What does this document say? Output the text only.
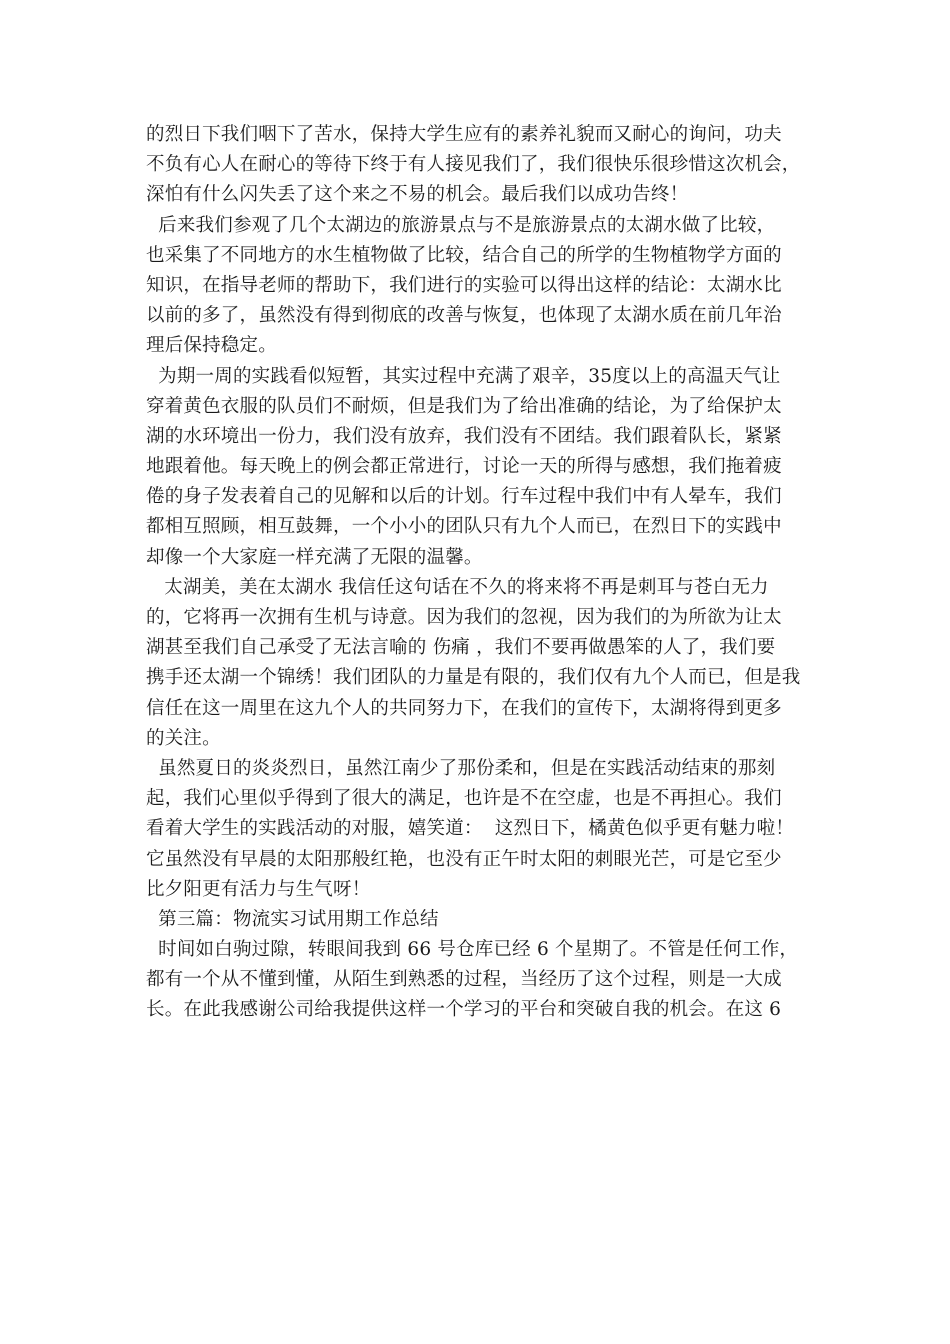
的烈日下我们咽下了苦水，保持大学生应有的素养礼貌而又耐心的询问，功夫
不负有心人在耐心的等待下终于有人接见我们了，我们很快乐很珍惜这次机会，
深怕有什么闪失丢了这个来之不易的机会。最后我们以成功告终！
后来我们参观了几个太湖边的旅游景点与不是旅游景点的太湖水做了比较，
也采集了不同地方的水生植物做了比较，结合自己的所学的生物植物学方面的
知识，在指导老师的帮助下，我们进行的实验可以得出这样的结论：太湖水比
以前的多了，虽然没有得到彻底的改善与恢复，也体现了太湖水质在前几年治
理后保持稳定。
为期一周的实践看似短暂，其实过程中充满了艰辛，35度以上的高温天气让
穿着黄色衣服的队员们不耐烦，但是我们为了给出准确的结论，为了给保护太
湖的水环境出一份力，我们没有放弃，我们没有不团结。我们跟着队长，紧紧
地跟着他。每天晚上的例会都正常进行，讨论一天的所得与感想，我们拖着疲
倦的身子发表着自己的见解和以后的计划。行车过程中我们中有人晕车，我们
都相互照顾，相互鼓舞，一个小小的团队只有九个人而已，在烈日下的实践中
却像一个大家庭一样充满了无限的温馨。
太湖美，美在太湖水 我信任这句话在不久的将来将不再是刺耳与苍白无力
的，它将再一次拥有生机与诗意。因为我们的忽视，因为我们的为所欲为让太
湖甚至我们自己承受了无法言喻的 伤痛 ，我们不要再做愚笨的人了，我们要
携手还太湖一个锦绣！我们团队的力量是有限的，我们仅有九个人而已，但是我
信任在这一周里在这九个人的共同努力下，在我们的宣传下，太湖将得到更多
的关注。
虽然夏日的炎炎烈日，虽然江南少了那份柔和，但是在实践活动结束的那刻
起，我们心里似乎得到了很大的满足，也许是不在空虚，也是不再担心。我们
看着大学生的实践活动的对服，嬉笑道：  这烈日下，橘黄色似乎更有魅力啦！
它虽然没有早晨的太阳那般红艳，也没有正午时太阳的刺眼光芒，可是它至少
比夕阳更有活力与生气呀！
第三篇：物流实习试用期工作总结
时间如白驹过隙，转眼间我到 66 号仓库已经 6 个星期了。不管是任何工作，
都有一个从不懂到懂，从陌生到熟悉的过程，当经历了这个过程，则是一大成
长。在此我感谢公司给我提供这样一个学习的平台和突破自我的机会。在这 6
